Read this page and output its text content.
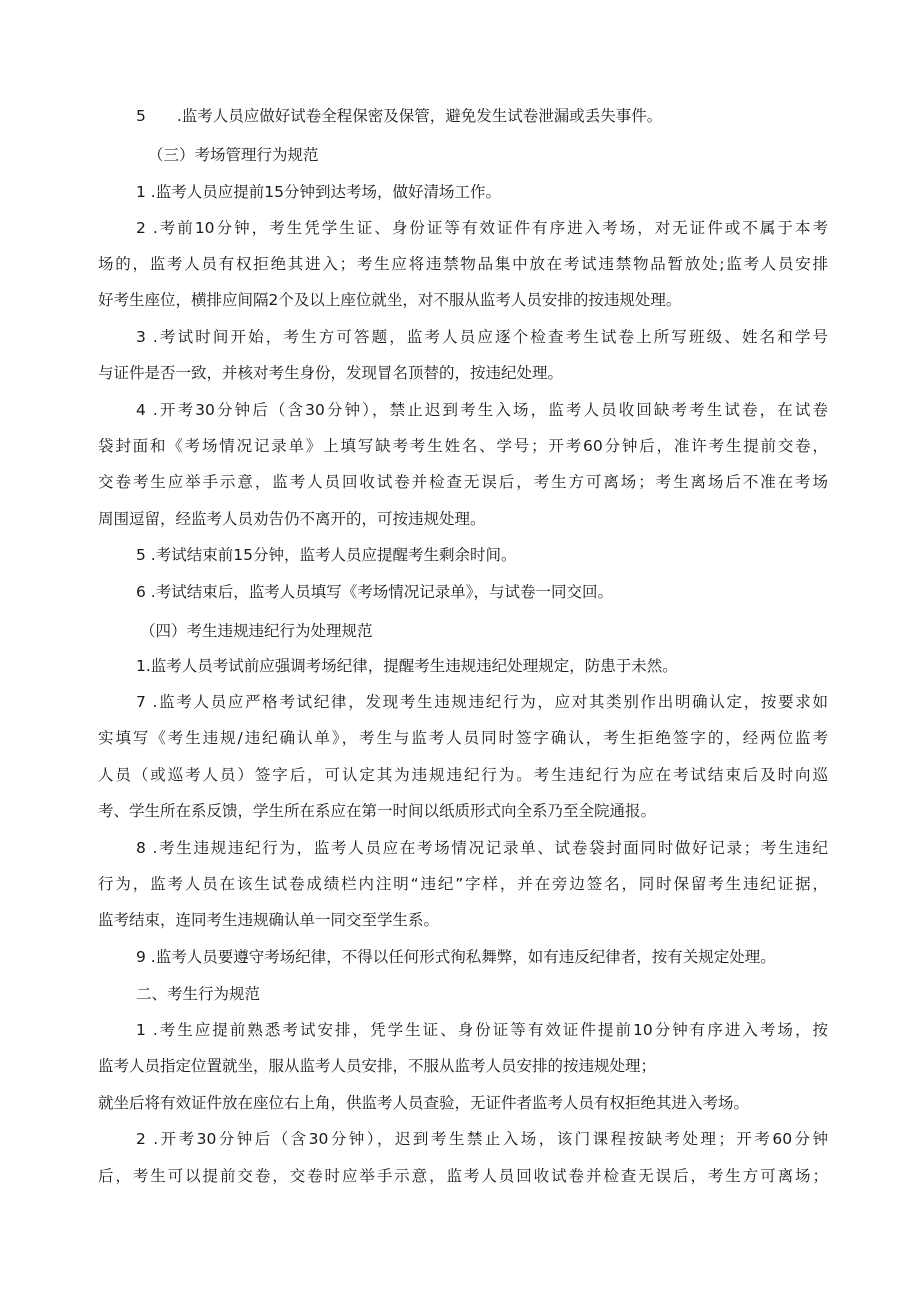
5　　.监考人员应做好试卷全程保密及保管，避免发生试卷泄漏或丢失事件。
（三）考场管理行为规范
1 .监考人员应提前15分钟到达考场，做好清场工作。
2 .考前10分钟，考生凭学生证、身份证等有效证件有序进入考场，对无证件或不属于本考
场的，监考人员有权拒绝其进入；考生应将违禁物品集中放在考试违禁物品暂放处;监考人员安排
好考生座位，横排应间隔2个及以上座位就坐，对不服从监考人员安排的按违规处理。
3 .考试时间开始，考生方可答题，监考人员应逐个检查考生试卷上所写班级、姓名和学号
与证件是否一致，并核对考生身份，发现冒名顶替的，按违纪处理。
4 .开考30分钟后（含30分钟），禁止迟到考生入场，监考人员收回缺考考生试卷，在试卷
袋封面和《考场情况记录单》上填写缺考考生姓名、学号；开考60分钟后，准许考生提前交卷，
交卷考生应举手示意，监考人员回收试卷并检查无误后，考生方可离场；考生离场后不准在考场
周围逗留，经监考人员劝告仍不离开的，可按违规处理。
5 .考试结束前15分钟，监考人员应提醒考生剩余时间。
6 .考试结束后，监考人员填写《考场情况记录单》，与试卷一同交回。
（四）考生违规违纪行为处理规范
1.监考人员考试前应强调考场纪律，提醒考生违规违纪处理规定，防患于未然。
7 .监考人员应严格考试纪律，发现考生违规违纪行为，应对其类别作出明确认定，按要求如
实填写《考生违规/违纪确认单》，考生与监考人员同时签字确认，考生拒绝签字的，经两位监考
人员（或巡考人员）签字后，可认定其为违规违纪行为。考生违纪行为应在考试结束后及时向巡
考、学生所在系反馈，学生所在系应在第一时间以纸质形式向全系乃至全院通报。
8 .考生违规违纪行为，监考人员应在考场情况记录单、试卷袋封面同时做好记录；考生违纪
行为，监考人员在该生试卷成绩栏内注明“违纪”字样，并在旁边签名，同时保留考生违纪证据，
监考结束，连同考生违规确认单一同交至学生系。
9 .监考人员要遵守考场纪律，不得以任何形式徇私舞弊，如有违反纪律者，按有关规定处理。
二、考生行为规范
1 .考生应提前熟悉考试安排，凭学生证、身份证等有效证件提前10分钟有序进入考场，按
监考人员指定位置就坐，服从监考人员安排，不服从监考人员安排的按违规处理；
就坐后将有效证件放在座位右上角，供监考人员查验，无证件者监考人员有权拒绝其进入考场。
2 .开考30分钟后（含30分钟），迟到考生禁止入场，该门课程按缺考处理；开考60分钟
后，考生可以提前交卷，交卷时应举手示意，监考人员回收试卷并检查无误后，考生方可离场；
